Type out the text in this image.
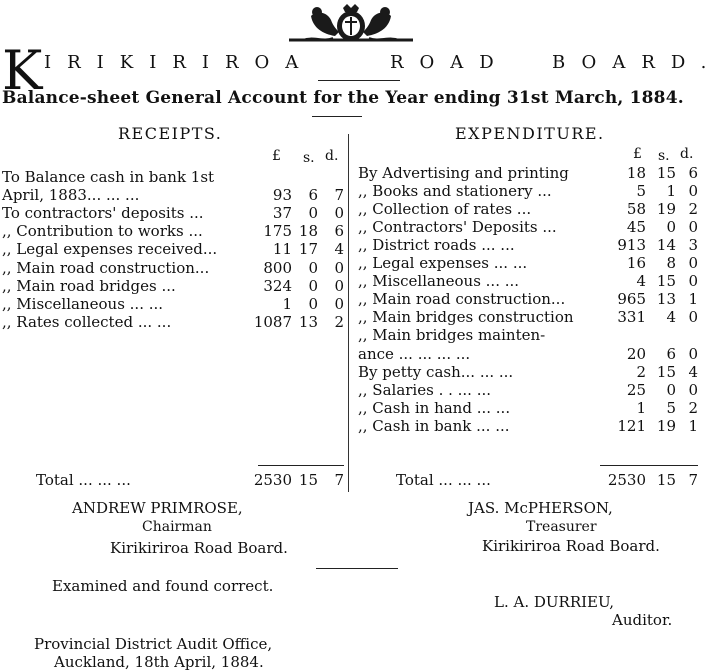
K IRIKIRIROA	ROAD BOARD.
Balance-sheet General Account for the Year ending 31st March, 1884.
RECEIPTS.
£ s. d.
To Balance cash in bank 1st
April, 1883... ... ...	93 6 7
To contractors' deposits ...	37 0 0
,, Contribution to works ...	175 18 6
,, Legal expenses received...	11 17 4
,, Main road construction...	800 0 0
,, Main road bridges ...	324 0 0
,, Miscellaneous ... ...	1 0 0
,, Rates collected ... ...	1087 13 2
Total ... ... ...	2530 15 7
EXPENDITURE.
£ s. d.
By Advertising and printing	18 15 6
,, Books and stationery ...	5 1 0
,, Collection of rates ...	58 19 2
,, Contractors' Deposits ...	45 0 0
,, District roads ... ...	913 14 3
,, Legal expenses ... ...	16 8 0
,, Miscellaneous ... ...	4 15 0
,, Main road construction...	965 13 1
,, Main bridges construction	331 4 0
,, Main bridges mainten-
ance ... ... ... ...	20 6 0
By petty cash... ... ...	2 15 4
,, Salaries . . ... ...	25 0 0
,, Cash in hand ... ...	1 5 2
,, Cash in bank ... ...	121 19 1
Total ... ... ...	2530 15 7
ANDREW PRIMROSE,
Chairman
Kirikiriroa Road Board.
JAS. McPHERSON,
Treasurer
Kirikiriroa Road Board.
Examined and found correct.
L. A. DURRIEU,
Auditor.
Provincial District Audit Office,
Auckland, 18th April, 1884.
